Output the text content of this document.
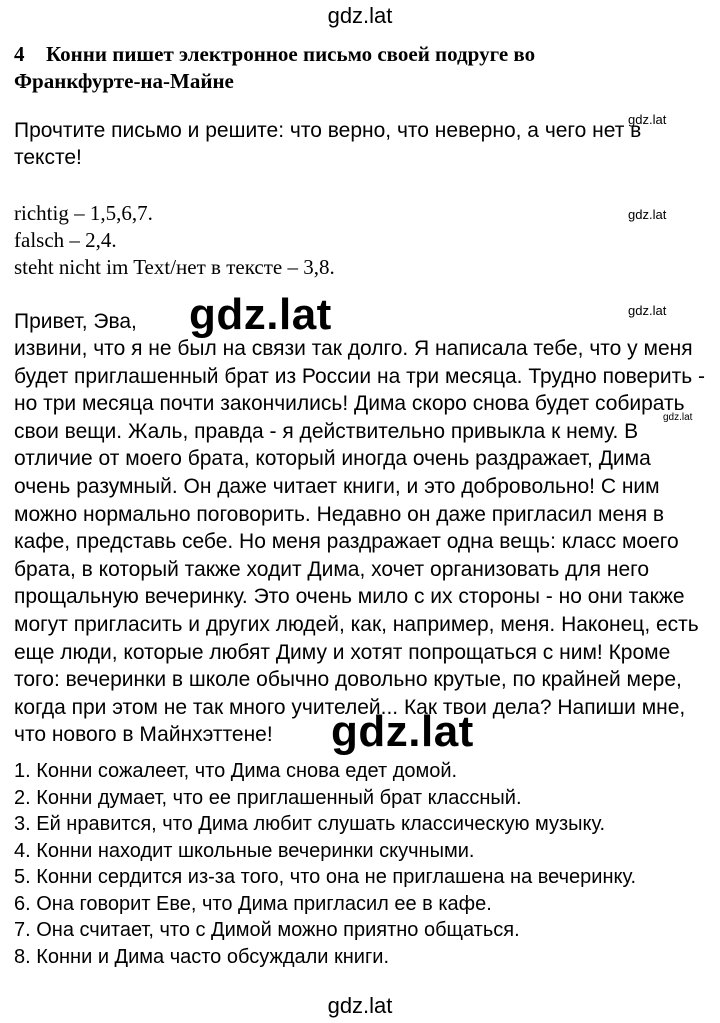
gdz.lat
4 Конни пишет электронное письмо своей подруге во
Франкфурте-на-Майне
Прочтите письмо и решите: что верно, что неверно, а чего нет в
тексте!
gdz.lat
richtig – 1,5,6,7.
falsch – 2,4.
steht nicht im Text/нет в тексте – 3,8.
gdz.lat
Привет, Эва, gdz.lat	gdz.lat
извини, что я не был на связи так долго. Я написала тебе, что у меня
будет приглашенный брат из России на три месяца. Трудно поверить -
но три месяца почти закончились! Дима скоро снова будет собирать
свои вещи. Жаль, правда - я действительно привыкла к нему. В
отличие от моего брата, который иногда очень раздражает, Дима
очень разумный. Он даже читает книги, и это добровольно! С ним
можно нормально поговорить. Недавно он даже пригласил меня в
кафе, представь себе. Но меня раздражает одна вещь: класс моего
брата, в который также ходит Дима, хочет организовать для него
прощальную вечеринку. Это очень мило с их стороны - но они также
могут пригласить и других людей, как, например, меня. Наконец, есть
еще люди, которые любят Диму и хотят попрощаться с ним! Кроме
того: вечеринки в школе обычно довольно крутые, по крайней мере,
когда при этом не так много учителей... Как твои дела? Напиши мне,
что нового в Майнхэттене!
gdz.lat
gdz.lat
1. Конни сожалеет, что Дима снова едет домой.
2. Конни думает, что ее приглашенный брат классный.
3. Ей нравится, что Дима любит слушать классическую музыку.
4. Конни находит школьные вечеринки скучными.
5. Конни сердится из-за того, что она не приглашена на вечеринку.
6. Она говорит Еве, что Дима пригласил ее в кафе.
7. Она считает, что с Димой можно приятно общаться.
8. Конни и Дима часто обсуждали книги.
gdz.lat
